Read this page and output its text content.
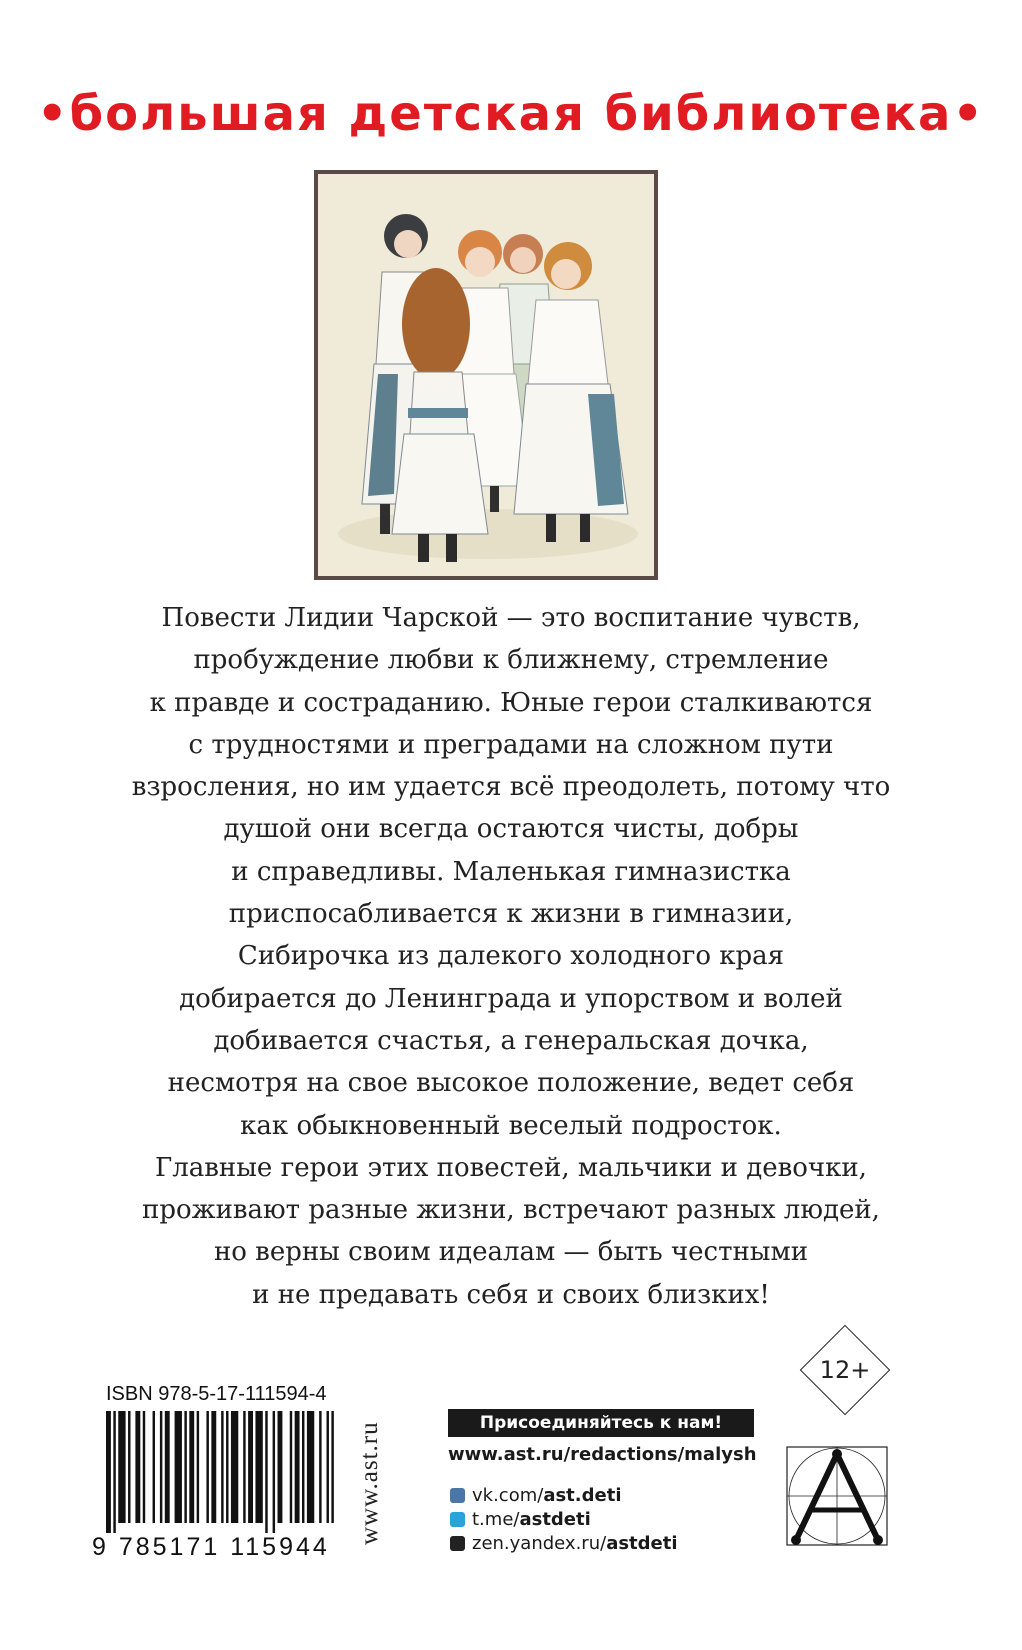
•большая детская библиотека•
Повести Лидии Чарской — это воспитание чувств,
пробуждение любви к ближнему, стремление
к правде и состраданию. Юные герои сталкиваются
с трудностями и преградами на сложном пути
взросления, но им удается всё преодолеть, потому что
душой они всегда остаются чисты, добры
и справедливы. Маленькая гимназистка
приспосабливается к жизни в гимназии,
Сибирочка из далекого холодного края
добирается до Ленинграда и упорством и волей
добивается счастья, а генеральская дочка,
несмотря на свое высокое положение, ведет себя
как обыкновенный веселый подросток.
Главные герои этих повестей, мальчики и девочки,
проживают разные жизни, встречают разных людей,
но верны своим идеалам — быть честными
и не предавать себя и своих близких!
ISBN 978-5-17-111594-4
9 785171 115944
www.ast.ru	Присоединяйтесь к нам!
www.ast.ru/redactions/malysh
vk.com/ast.deti
t.me/astdeti
zen.yandex.ru/astdeti
12+
